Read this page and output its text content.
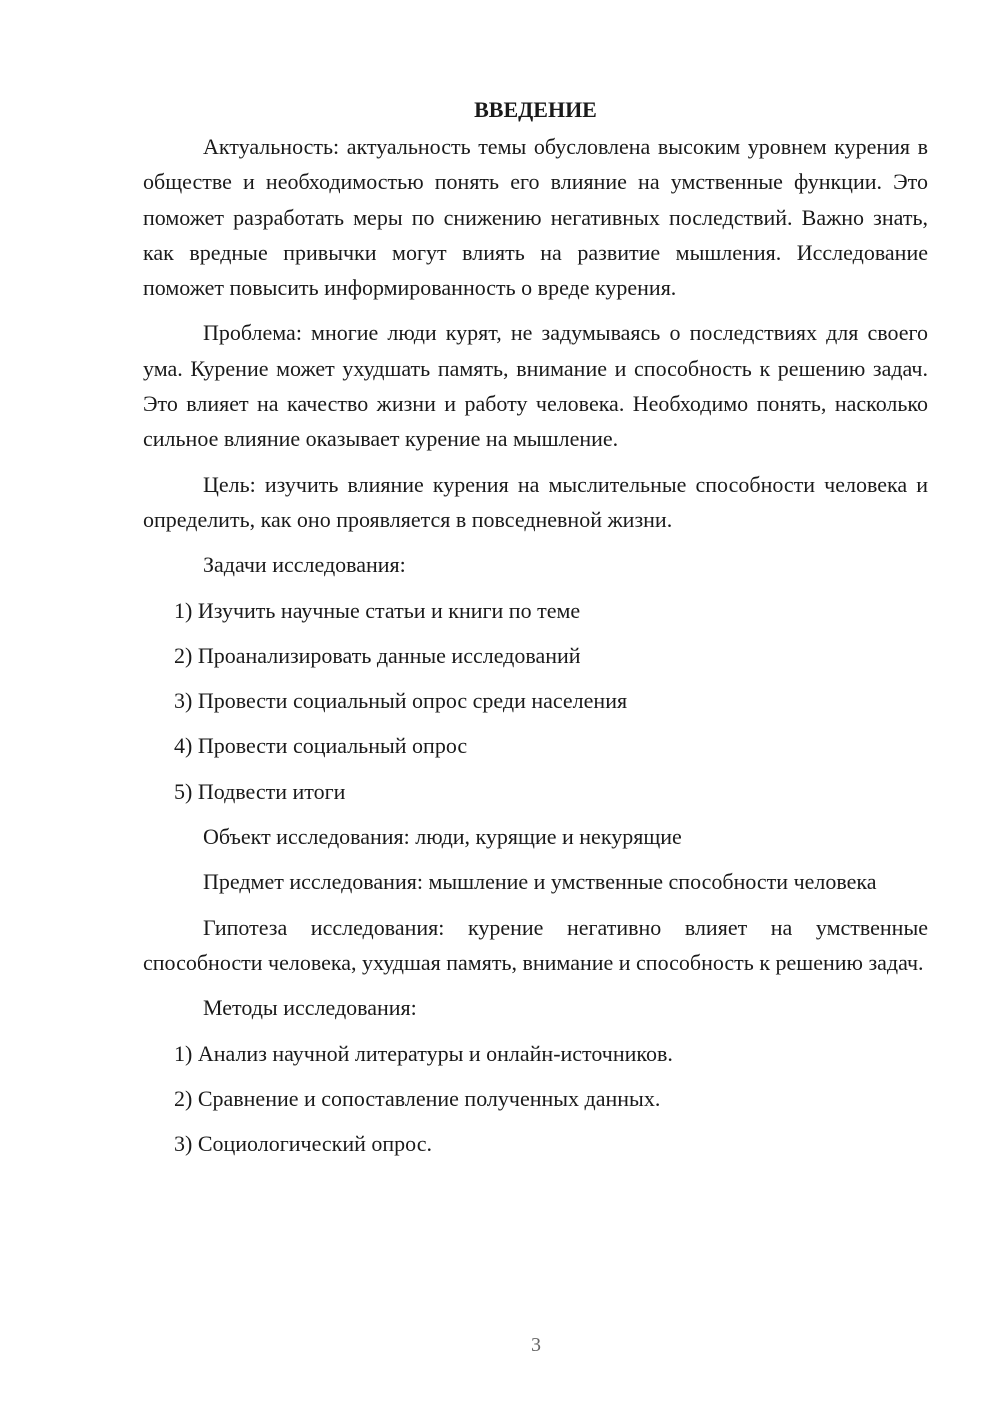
ВВЕДЕНИЕ

Актуальность: актуальность темы обусловлена высоким уровнем курения в обществе и необходимостью понять его влияние на умственные функции. Это поможет разработать меры по снижению негативных последствий. Важно знать, как вредные привычки могут влиять на развитие мышления. Исследование поможет повысить информированность о вреде курения.

Проблема: многие люди курят, не задумываясь о последствиях для своего ума. Курение может ухудшать память, внимание и способность к решению задач. Это влияет на качество жизни и работу человека. Необходимо понять, насколько сильное влияние оказывает курение на мышление.

Цель: изучить влияние курения на мыслительные способности человека и определить, как оно проявляется в повседневной жизни.

Задачи исследования:

1) Изучить научные статьи и книги по теме

2) Проанализировать данные исследований

3) Провести социальный опрос среди населения

4) Провести социальный опрос

5) Подвести итоги

Объект исследования: люди, курящие и некурящие

Предмет исследования: мышление и умственные способности человека

Гипотеза исследования: курение негативно влияет на умственные способности человека, ухудшая память, внимание и способность к решению задач.

Методы исследования:

1) Анализ научной литературы и онлайн-источников.

2) Сравнение и сопоставление полученных данных.

3) Социологический опрос.

3
